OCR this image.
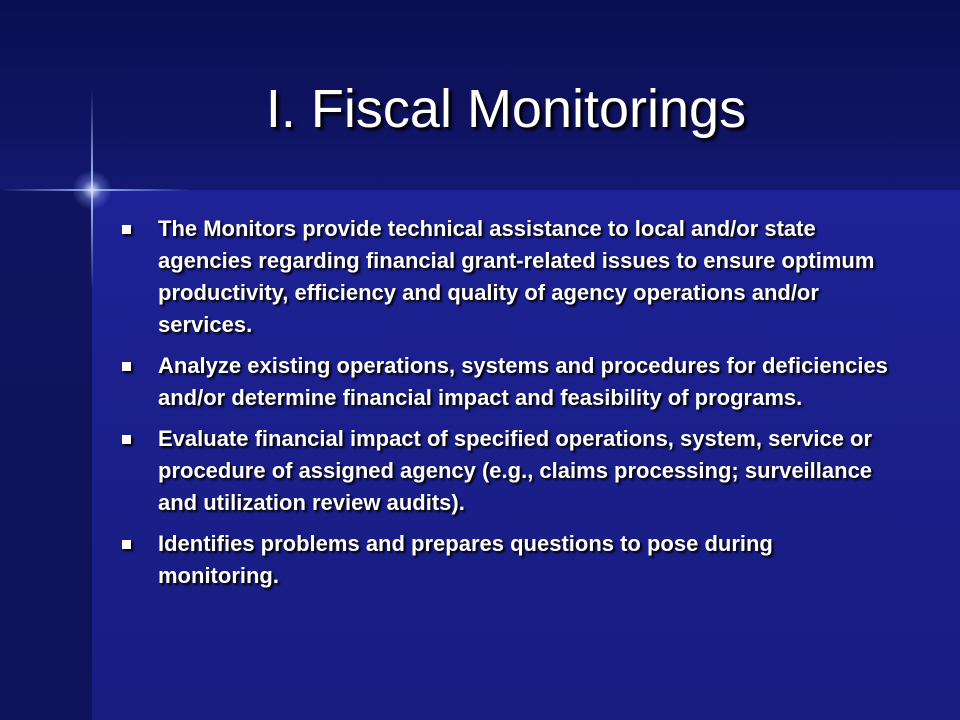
I. Fiscal Monitorings
The Monitors provide technical assistance to local and/or state agencies regarding financial grant-related issues to ensure optimum productivity, efficiency and quality of agency operations and/or services.
Analyze existing operations, systems and procedures for deficiencies and/or determine financial impact and feasibility of programs.
Evaluate financial impact of specified operations, system, service or procedure of assigned agency (e.g., claims processing; surveillance and utilization review audits).
Identifies problems and prepares questions to pose during monitoring.
